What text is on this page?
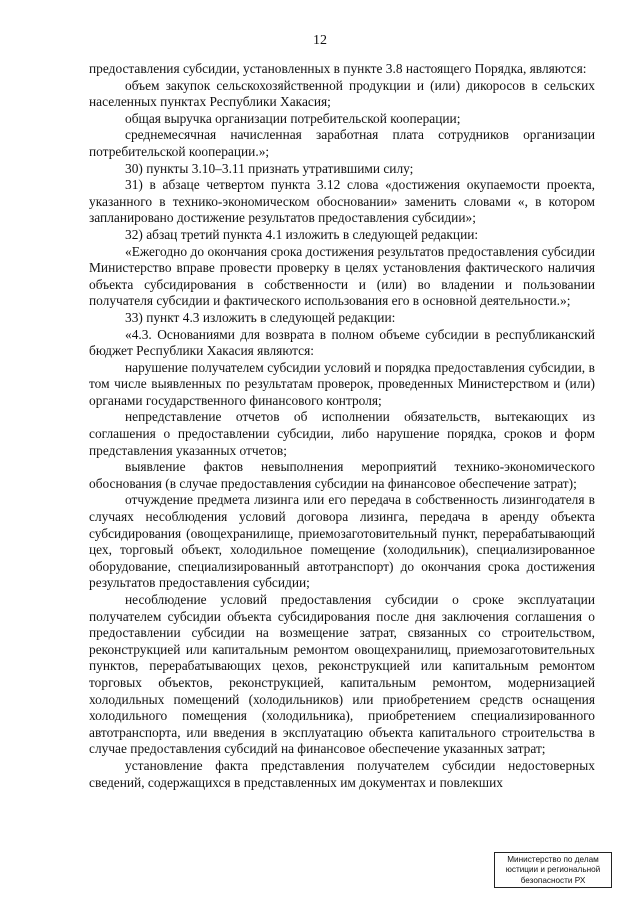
12

предоставления субсидии, установленных в пункте 3.8 настоящего Порядка, являются:

объем закупок сельскохозяйственной продукции и (или) дикоросов в сельских населенных пунктах Республики Хакасия;

общая выручка организации потребительской кооперации;

среднемесячная начисленная заработная плата сотрудников организации потребительской кооперации.»;

30) пункты 3.10–3.11 признать утратившими силу;

31) в абзаце четвертом пункта 3.12 слова «достижения окупаемости проекта, указанного в технико-экономическом обосновании» заменить словами «, в котором запланировано достижение результатов предоставления субсидии»;

32) абзац третий пункта 4.1 изложить в следующей редакции:

«Ежегодно до окончания срока достижения результатов предоставления субсидии Министерство вправе провести проверку в целях установления фактического наличия объекта субсидирования в собственности и (или) во владении и пользовании получателя субсидии и фактического использования его в основной деятельности.»;

33) пункт 4.3 изложить в следующей редакции:

«4.3. Основаниями для возврата в полном объеме субсидии в республиканский бюджет Республики Хакасия являются:

нарушение получателем субсидии условий и порядка предоставления субсидии, в том числе выявленных по результатам проверок, проведенных Министерством и (или) органами государственного финансового контроля;

непредставление отчетов об исполнении обязательств, вытекающих из соглашения о предоставлении субсидии, либо нарушение порядка, сроков и форм представления указанных отчетов;

выявление фактов невыполнения мероприятий технико-экономического обоснования (в случае предоставления субсидии на финансовое обеспечение затрат);

отчуждение предмета лизинга или его передача в собственность лизингодателя в случаях несоблюдения условий договора лизинга, передача в аренду объекта субсидирования (овощехранилище, приемозаготовительный пункт, перерабатывающий цех, торговый объект, холодильное помещение (холодильник), специализированное оборудование, специализированный автотранспорт) до окончания срока достижения результатов предоставления субсидии;

несоблюдение условий предоставления субсидии о сроке эксплуатации получателем субсидии объекта субсидирования после дня заключения соглашения о предоставлении субсидии на возмещение затрат, связанных со строительством, реконструкцией или капитальным ремонтом овощехранилищ, приемозаготовительных пунктов, перерабатывающих цехов, реконструкцией или капитальным ремонтом торговых объектов, реконструкцией, капитальным ремонтом, модернизацией холодильных помещений (холодильников) или приобретением средств оснащения холодильного помещения (холодильника), приобретением специализированного автотранспорта, или введения в эксплуатацию объекта капитального строительства в случае предоставления субсидий на финансовое обеспечение указанных затрат;

установление факта представления получателем субсидии недостоверных сведений, содержащихся в представленных им документах и повлекших

Министерство по делам
юстиции и региональной
безопасности РХ
